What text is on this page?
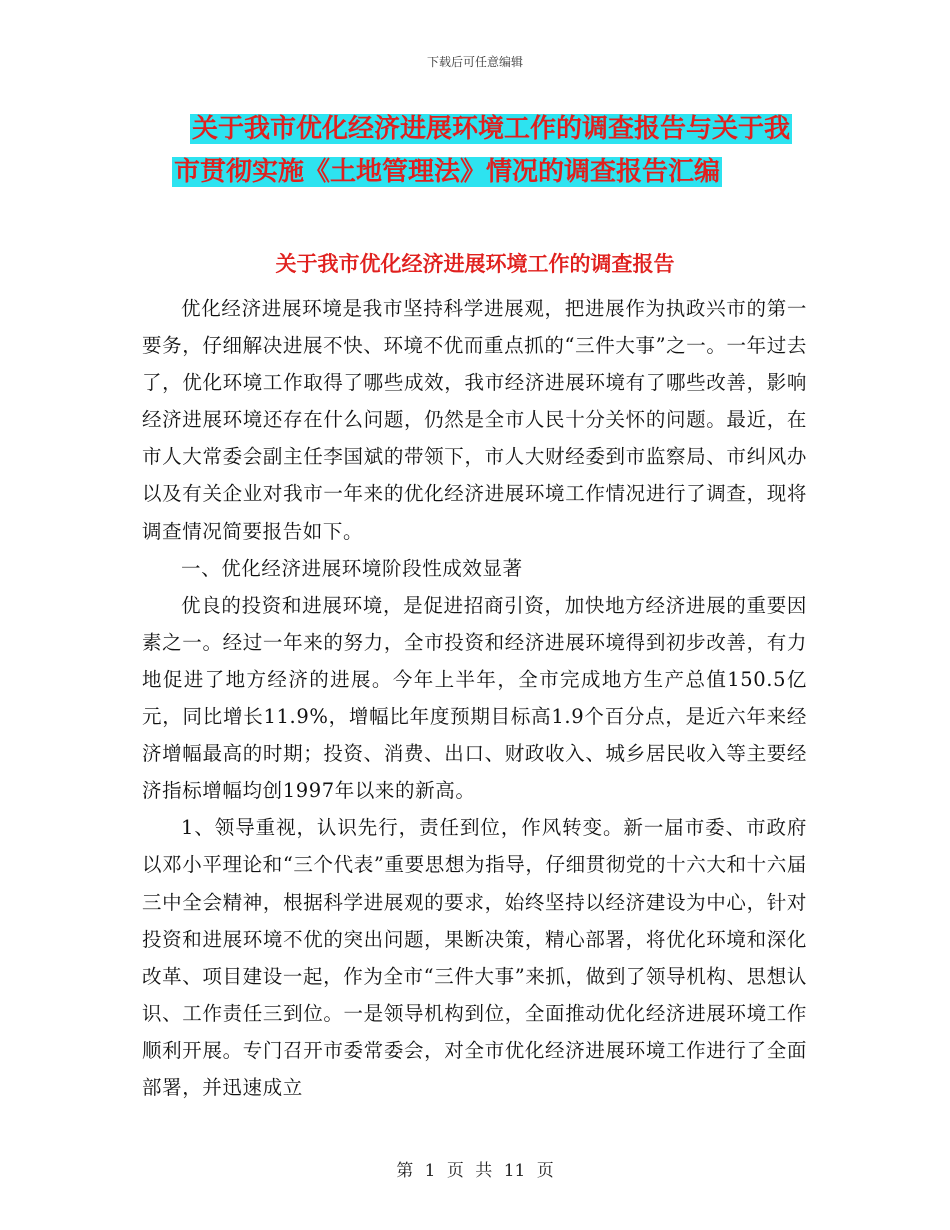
下载后可任意编辑
关于我市优化经济进展环境工作的调查报告与关于我
市贯彻实施《土地管理法》情况的调查报告汇编
关于我市优化经济进展环境工作的调查报告

优化经济进展环境是我市坚持科学进展观，把进展作为执政兴市的第一要务，仔细解决进展不快、环境不优而重点抓的“三件大事”之一。一年过去了，优化环境工作取得了哪些成效，我市经济进展环境有了哪些改善，影响经济进展环境还存在什么问题，仍然是全市人民十分关怀的问题。最近，在市人大常委会副主任李国斌的带领下，市人大财经委到市监察局、市纠风办以及有关企业对我市一年来的优化经济进展环境工作情况进行了调查，现将调查情况简要报告如下。

一、优化经济进展环境阶段性成效显著

优良的投资和进展环境，是促进招商引资，加快地方经济进展的重要因素之一。经过一年来的努力，全市投资和经济进展环境得到初步改善，有力地促进了地方经济的进展。今年上半年，全市完成地方生产总值150.5亿元，同比增长11.9%，增幅比年度预期目标高1.9个百分点，是近六年来经济增幅最高的时期；投资、消费、出口、财政收入、城乡居民收入等主要经济指标增幅均创1997年以来的新高。

1、领导重视，认识先行，责任到位，作风转变。新一届市委、市政府以邓小平理论和“三个代表”重要思想为指导，仔细贯彻党的十六大和十六届三中全会精神，根据科学进展观的要求，始终坚持以经济建设为中心，针对投资和进展环境不优的突出问题，果断决策，精心部署，将优化环境和深化改革、项目建设一起，作为全市“三件大事”来抓，做到了领导机构、思想认识、工作责任三到位。一是领导机构到位，全面推动优化经济进展环境工作顺利开展。专门召开市委常委会，对全市优化经济进展环境工作进行了全面部署，并迅速成立

第 1 页 共 11 页
